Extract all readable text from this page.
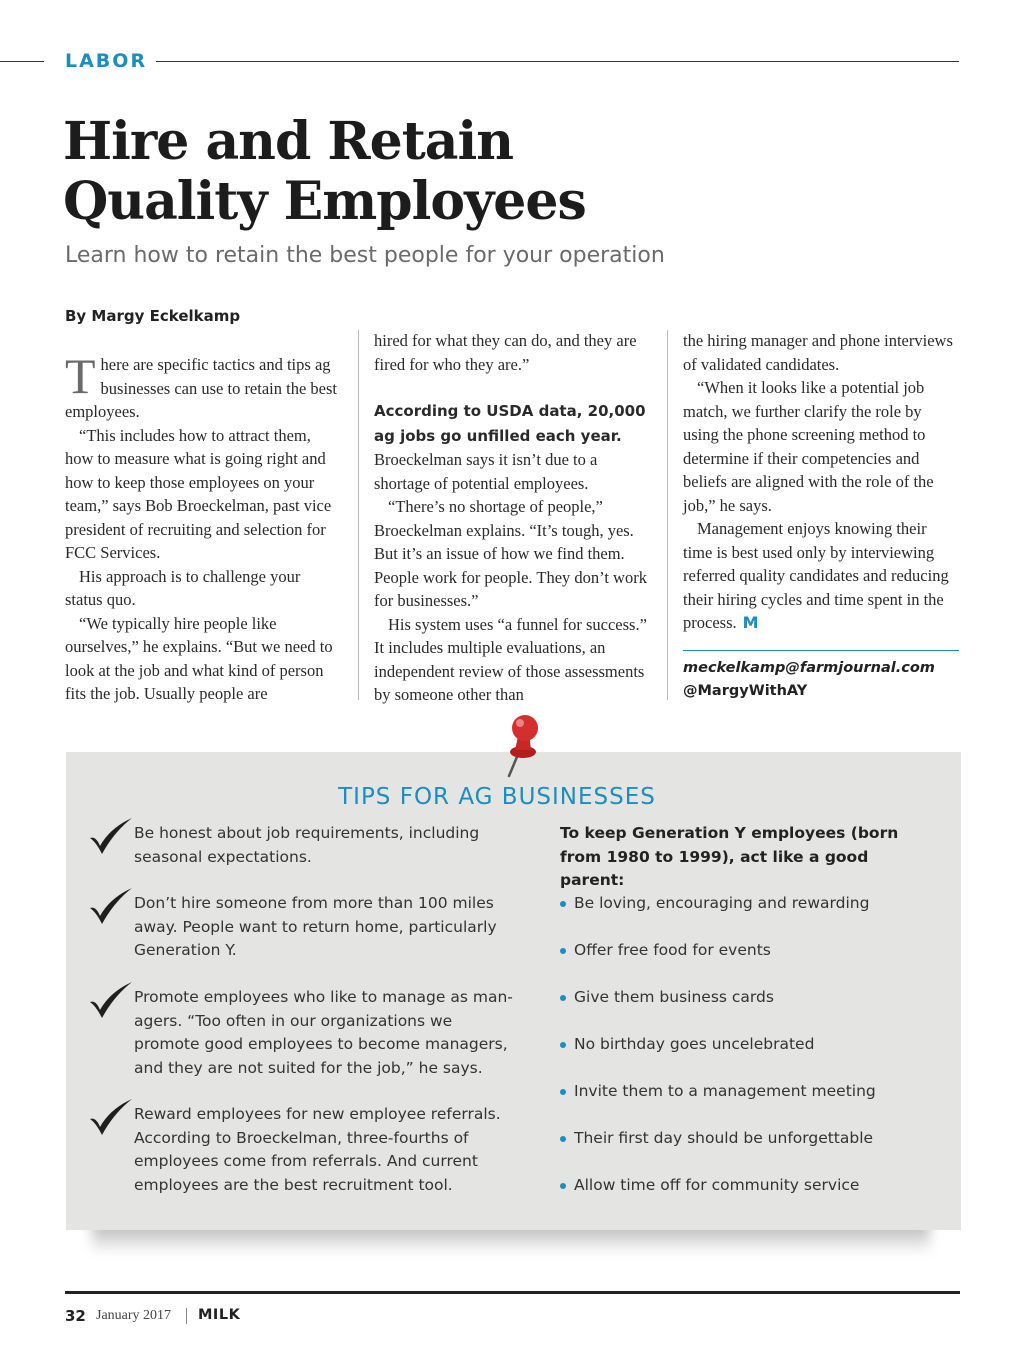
LABOR
Hire and Retain
Quality Employees
Learn how to retain the best people for your operation
By Margy Eckelkamp

There are specific tactics and tips ag businesses can use to retain the best employees.

“This includes how to attract them, how to measure what is going right and how to keep those employees on your team,” says Bob Broeckelman, past vice president of recruiting and selection for FCC Services.

His approach is to challenge your status quo.

“We typically hire people like ourselves,” he explains. “But we need to look at the job and what kind of person fits the job. Usually people are

hired for what they can do, and they are fired for who they are.”

According to USDA data, 20,000 ag jobs go unfilled each year. Broeckelman says it isn’t due to a shortage of potential employees.

“There’s no shortage of people,” Broeckelman explains. “It’s tough, yes. But it’s an issue of how we find them. People work for people. They don’t work for businesses.”

His system uses “a funnel for success.” It includes multiple evaluations, an independent review of those assessments by someone other than

the hiring manager and phone interviews of validated candidates.

“When it looks like a potential job match, we further clarify the role by using the phone screening method to determine if their competencies and beliefs are aligned with the role of the job,” he says.

Management enjoys knowing their time is best used only by interviewing referred quality candidates and reducing their hiring cycles and time spent in the process. M

meckelkamp@farmjournal.com
@MargyWithAY
TIPS FOR AG BUSINESSES
Be honest about job requirements, including seasonal expectations.
Don’t hire someone from more than 100 miles away. People want to return home, particularly Generation Y.
Promote employees who like to manage as managers. “Too often in our organizations we promote good employees to become managers, and they are not suited for the job,” he says.
Reward employees for new employee referrals. According to Broeckelman, three-fourths of employees come from referrals. And current employees are the best recruitment tool.
To keep Generation Y employees (born from 1980 to 1999), act like a good parent:
Be loving, encouraging and rewarding
Offer free food for events
Give them business cards
No birthday goes uncelebrated
Invite them to a management meeting
Their first day should be unforgettable
Allow time off for community service
32 January 2017 MILK
